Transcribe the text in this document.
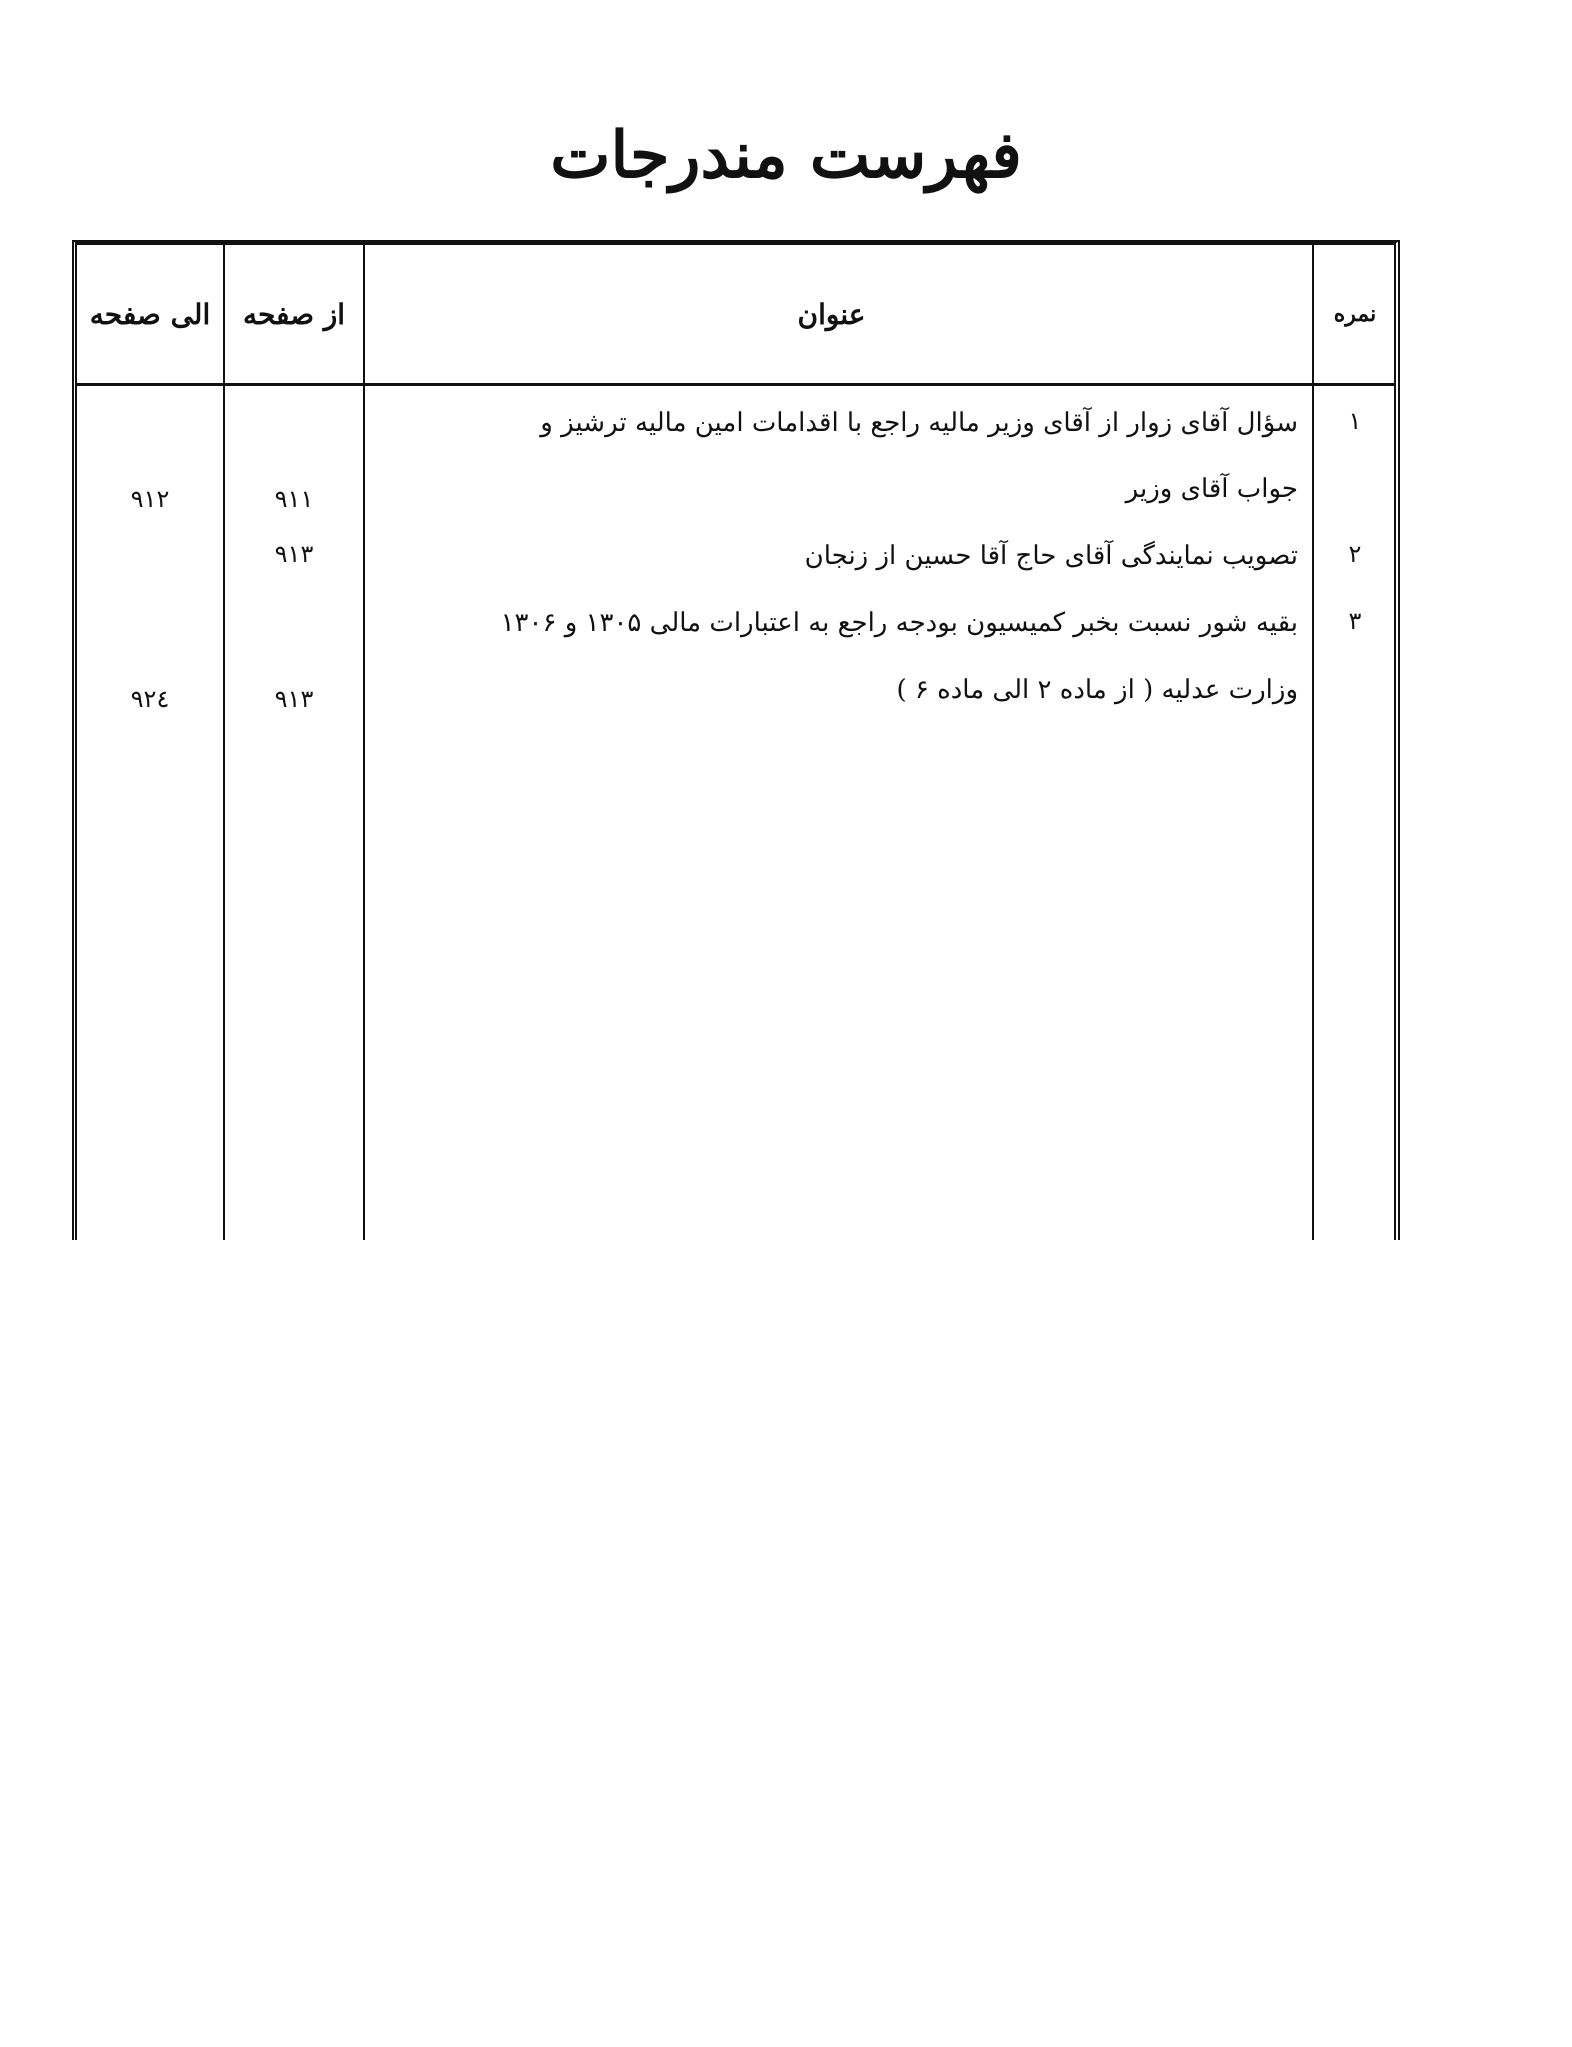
فهرست مندرجات
نمره
عنوان
از صفحه
الی صفحه
۱
سؤال آقای زوار از آقای وزیر مالیه راجع با اقدامات امین مالیه ترشیز و
جواب آقای وزیر
۹۱۱
۹۱۲
۲
تصویب نمایندگی آقای حاج آقا حسین از زنجان
۹۱۳
۳
بقیه شور نسبت بخبر کمیسیون بودجه راجع به اعتبارات مالی ۱۳۰۵ و ۱۳۰۶
وزارت عدلیه ( از ماده ۲ الی ماده ۶ )
۹۱۳
۹۲٤
